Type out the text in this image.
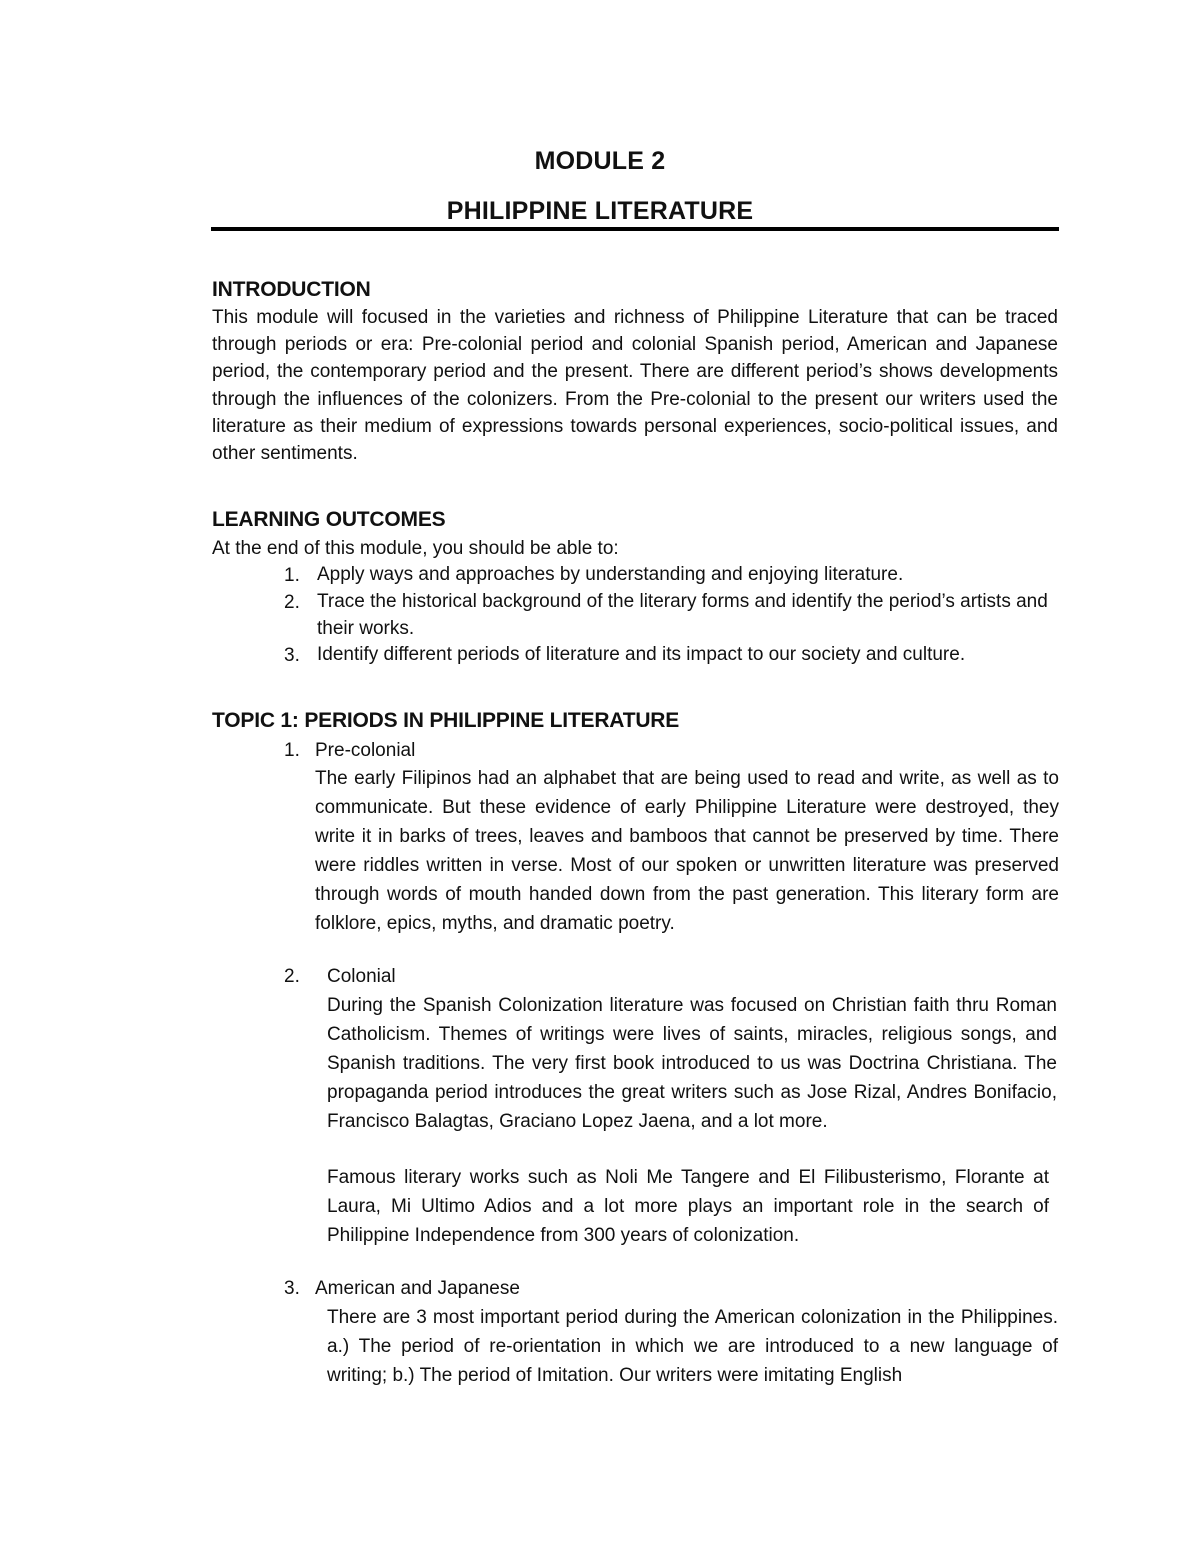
MODULE 2
PHILIPPINE LITERATURE
INTRODUCTION
This module will focused in the varieties and richness of Philippine Literature that can be traced through periods or era: Pre-colonial period and colonial Spanish period, American and Japanese period, the contemporary period and the present. There are different period’s shows developments through the influences of the colonizers. From the Pre-colonial to the present our writers used the literature as their medium of expressions towards personal experiences, socio-political issues, and other sentiments.
LEARNING OUTCOMES
At the end of this module, you should be able to:
1. Apply ways and approaches by understanding and enjoying literature.
2. Trace the historical background of the literary forms and identify the period’s artists and their works.
3. Identify different periods of literature and its impact to our society and culture.
TOPIC 1: PERIODS IN PHILIPPINE LITERATURE
1. Pre-colonial
The early Filipinos had an alphabet that are being used to read and write, as well as to communicate. But these evidence of early Philippine Literature were destroyed, they write it in barks of trees, leaves and bamboos that cannot be preserved by time. There were riddles written in verse. Most of our spoken or unwritten literature was preserved through words of mouth handed down from the past generation. This literary form are folklore, epics, myths, and dramatic poetry.
2. Colonial
During the Spanish Colonization literature was focused on Christian faith thru Roman Catholicism. Themes of writings were lives of saints, miracles, religious songs, and Spanish traditions. The very first book introduced to us was Doctrina Christiana. The propaganda period introduces the great writers such as Jose Rizal, Andres Bonifacio, Francisco Balagtas, Graciano Lopez Jaena, and a lot more.
Famous literary works such as Noli Me Tangere and El Filibusterismo, Florante at Laura, Mi Ultimo Adios and a lot more plays an important role in the search of Philippine Independence from 300 years of colonization.
3. American and Japanese
There are 3 most important period during the American colonization in the Philippines. a.) The period of re-orientation in which we are introduced to a new language of writing; b.) The period of Imitation. Our writers were imitating English
